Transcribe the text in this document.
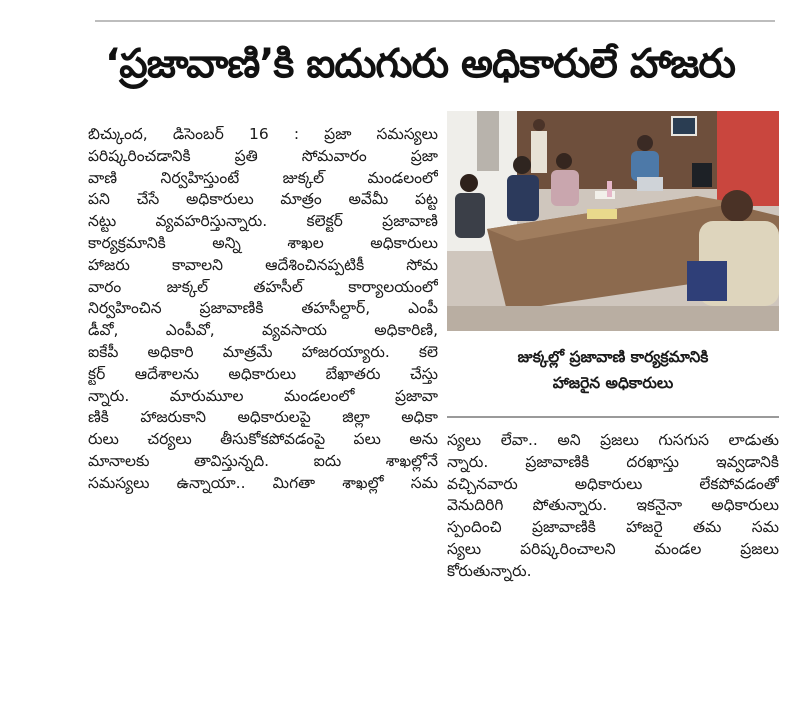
‘ప్రజావాణి’కి ఐదుగురు అధికారులే హాజరు
బిచ్కుంద, డిసెంబర్ 16 : ప్రజా సమస్యలు
పరిష్కరించడానికి ప్రతి సోమవారం ప్రజా
వాణి నిర్వహిస్తుంటే జుక్కల్ మండలంలో
పని చేసే అధికారులు మాత్రం అవేమీ పట్ట
నట్టు వ్యవహరిస్తున్నారు. కలెక్టర్ ప్రజావాణి
కార్యక్రమానికి అన్ని శాఖల అధికారులు
హాజరు కావాలని ఆదేశించినప్పటికీ సోమ
వారం జుక్కల్ తహసీల్ కార్యాలయంలో
నిర్వహించిన ప్రజావాణికి తహసీల్దార్, ఎంపీ
డీవో, ఎంపీవో, వ్యవసాయ అధికారిణి,
ఐకేపీ అధికారి మాత్రమే హాజరయ్యారు. కలె
క్టర్ ఆదేశాలను అధికారులు బేఖాతరు చేస్తు
న్నారు. మారుమూల మండలంలో ప్రజావా
ణికి హాజరుకాని అధికారులపై జిల్లా అధికా
రులు చర్యలు తీసుకోకపోవడంపై పలు అను
మానాలకు తావిస్తున్నది. ఐదు శాఖల్లోనే
సమస్యలు ఉన్నాయా.. మిగతా శాఖల్లో సమ
జుక్కల్లో ప్రజావాణి కార్యక్రమానికి
హాజరైన అధికారులు
స్యలు లేవా.. అని ప్రజలు గుసగుస లాడుతు
న్నారు. ప్రజావాణికి దరఖాస్తు ఇవ్వడానికి
వచ్చినవారు అధికారులు లేకపోవడంతో
వెనుదిరిగి పోతున్నారు. ఇకనైనా అధికారులు
స్పందించి ప్రజావాణికి హాజరై తమ సమ
స్యలు పరిష్కరించాలని మండల ప్రజలు
కోరుతున్నారు.
